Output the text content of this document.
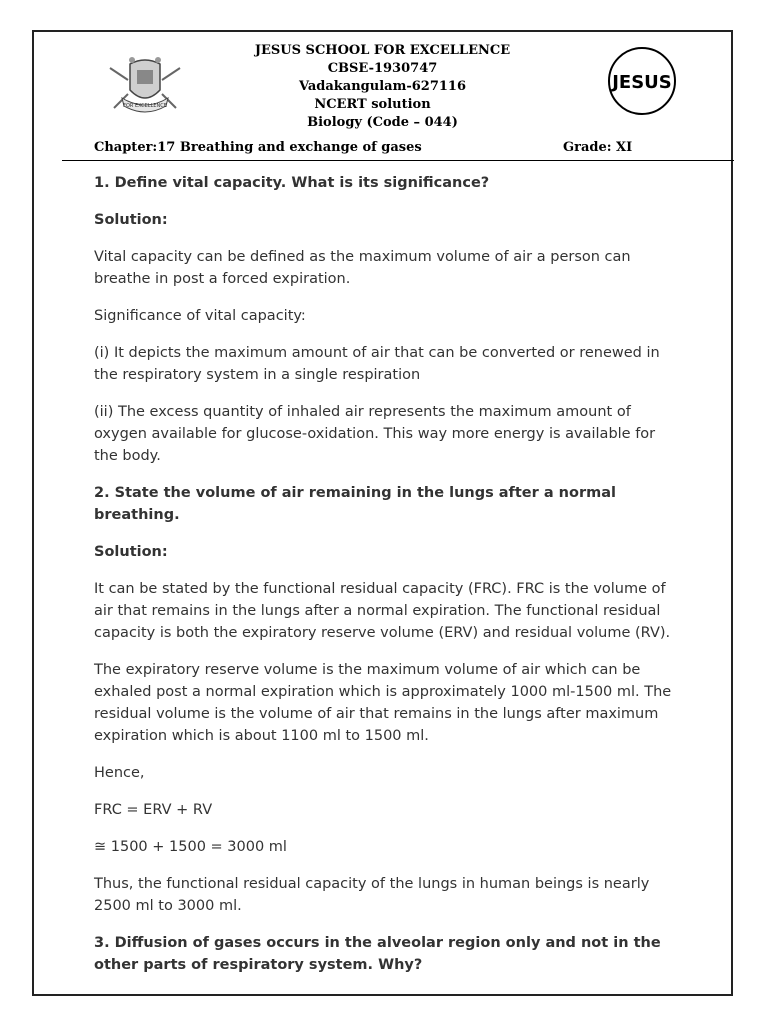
FOR EXCELLENCE
JESUS SCHOOL FOR EXCELLENCE
CBSE-1930747
Vadakangulam-627116
NCERT solution
Biology (Code – 044)
JESUS
Chapter:17 Breathing and exchange of gases	Grade: XI

1. Define vital capacity. What is its significance?

Solution:

Vital capacity can be defined as the maximum volume of air a person can breathe in post a forced expiration.

Significance of vital capacity:

(i) It depicts the maximum amount of air that can be converted or renewed in the respiratory system in a single respiration

(ii) The excess quantity of inhaled air represents the maximum amount of oxygen available for glucose-oxidation. This way more energy is available for the body.

2. State the volume of air remaining in the lungs after a normal breathing.

Solution:

It can be stated by the functional residual capacity (FRC). FRC is the volume of air that remains in the lungs after a normal expiration. The functional residual capacity is both the expiratory reserve volume (ERV) and residual volume (RV).

The expiratory reserve volume is the maximum volume of air which can be exhaled post a normal expiration which is approximately 1000 ml-1500 ml. The residual volume is the volume of air that remains in the lungs after maximum expiration which is about 1100 ml to 1500 ml.

Hence,

FRC = ERV + RV

≅ 1500 + 1500 = 3000 ml

Thus, the functional residual capacity of the lungs in human beings is nearly 2500 ml to 3000 ml.

3. Diffusion of gases occurs in the alveolar region only and not in the other parts of respiratory system. Why?
